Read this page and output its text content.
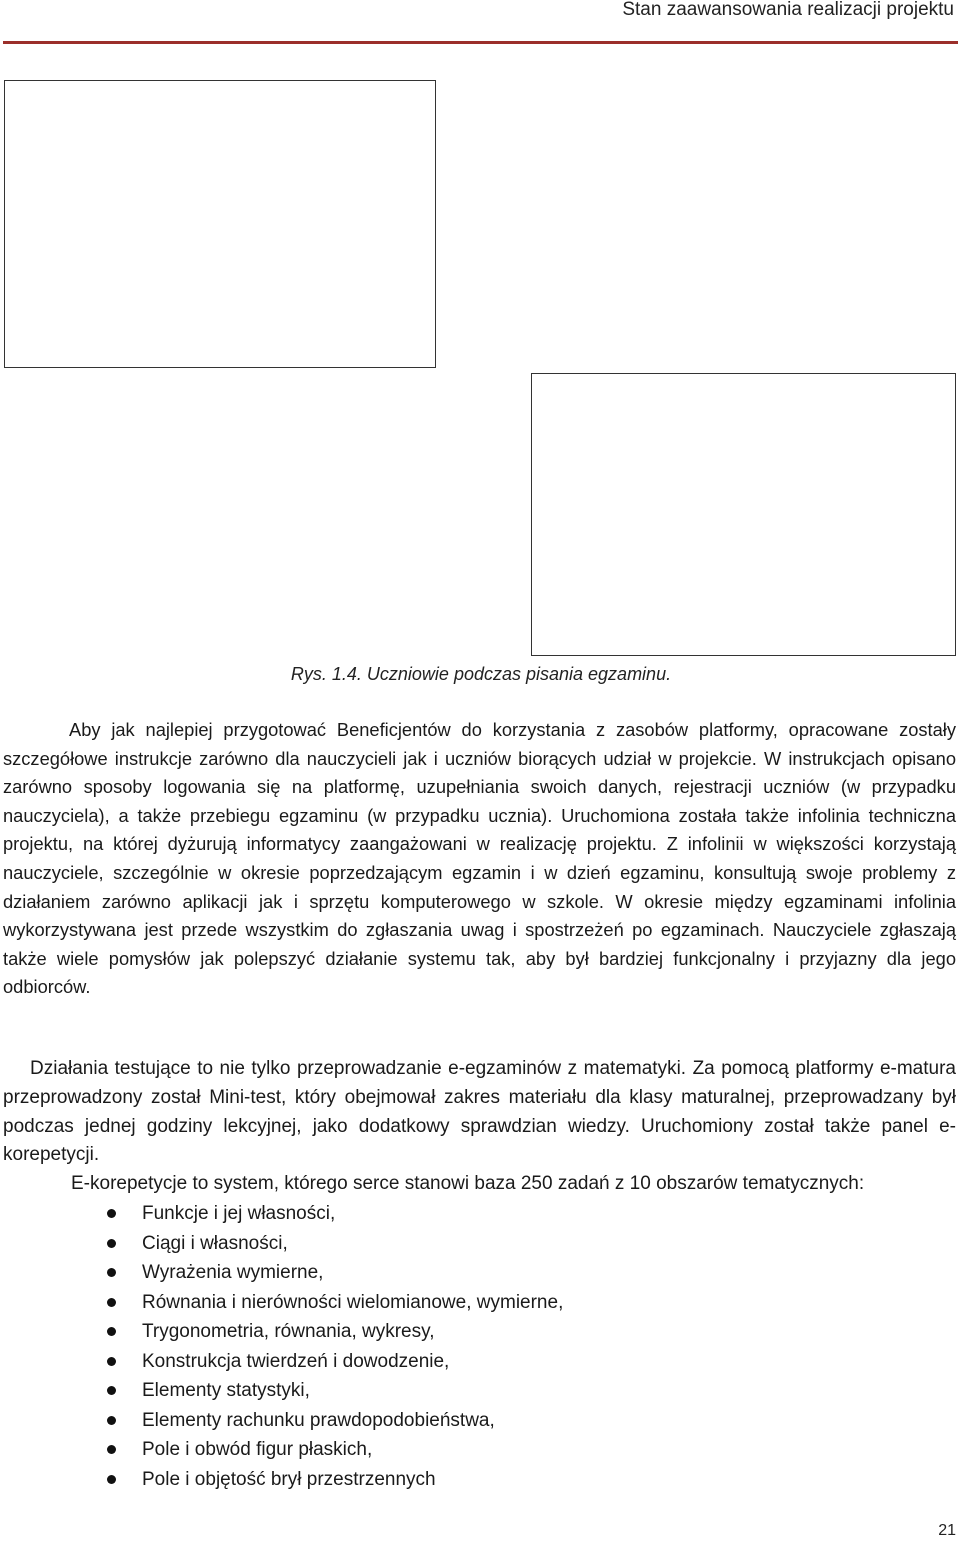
Stan zaawansowania realizacji projektu
Rys. 1.4. Uczniowie podczas pisania egzaminu.

Aby jak najlepiej przygotować Beneficjentów do korzystania z zasobów platformy, opracowane zostały szczegółowe instrukcje zarówno dla nauczycieli jak i uczniów biorących udział w projekcie. W instrukcjach opisano zarówno sposoby logowania się na platformę, uzupełniania swoich danych, rejestracji uczniów (w przypadku nauczyciela), a także przebiegu egzaminu (w przypadku ucznia). Uruchomiona została także infolinia techniczna projektu, na której dyżurują informatycy zaangażowani w realizację projektu. Z infolinii w większości korzystają nauczyciele, szczególnie w okresie poprzedzającym egzamin i w dzień egzaminu, konsultują swoje problemy z działaniem zarówno aplikacji jak i sprzętu komputerowego w szkole. W okresie między egzaminami infolinia wykorzystywana jest przede wszystkim do zgłaszania uwag i spostrzeżeń po egzaminach. Nauczyciele zgłaszają także wiele pomysłów jak polepszyć działanie systemu tak, aby był bardziej funkcjonalny i przyjazny dla jego odbiorców.

Działania testujące to nie tylko przeprowadzanie e-egzaminów z matematyki. Za pomocą platformy e-matura przeprowadzony został Mini-test, który obejmował zakres materiału dla klasy maturalnej, przeprowadzany był podczas jednej godziny lekcyjnej, jako dodatkowy sprawdzian wiedzy. Uruchomiony został także panel e-korepetycji.

E-korepetycje to system, którego serce stanowi baza 250 zadań z 10 obszarów tematycznych:

Funkcje i jej własności,
Ciągi i własności,
Wyrażenia wymierne,
Równania i nierówności wielomianowe, wymierne,
Trygonometria, równania, wykresy,
Konstrukcja twierdzeń i dowodzenie,
Elementy statystyki,
Elementy rachunku prawdopodobieństwa,
Pole i obwód figur płaskich,
Pole i objętość brył przestrzennych
21
